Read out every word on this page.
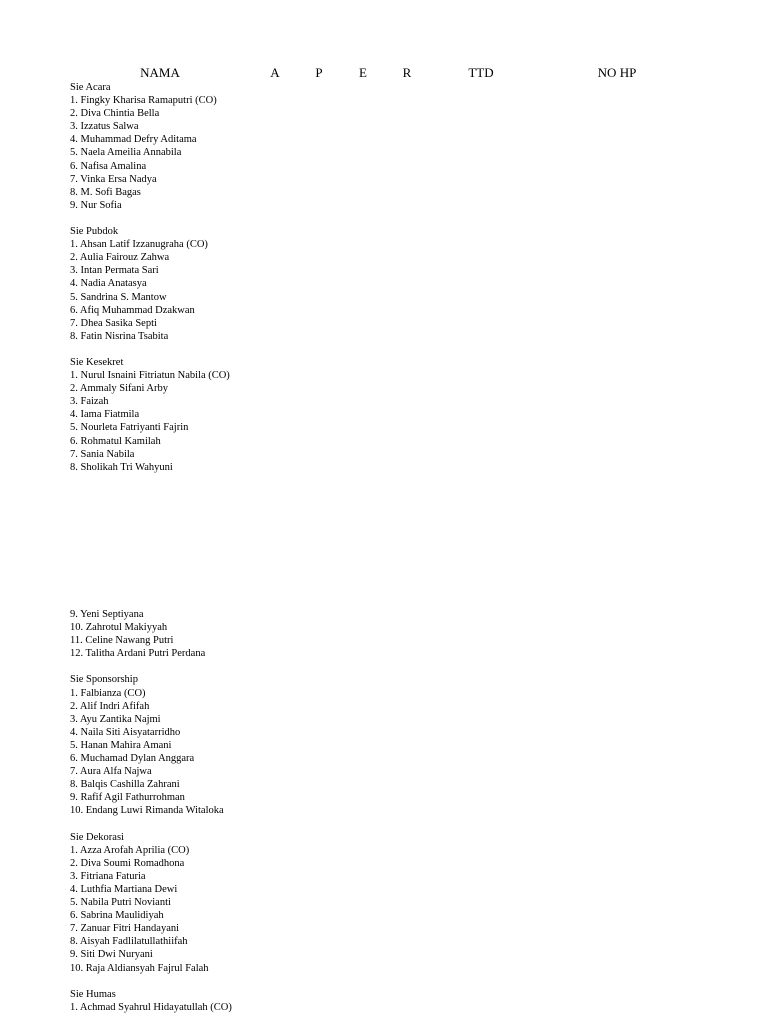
NAMA	A	P	E	R	TTD	NO HP
Sie Acara
1. Fingky Kharisa Ramaputri (CO)
2. Diva Chintia Bella
3. Izzatus Salwa
4. Muhammad Defry Aditama
5. Naela Ameilia Annabila
6. Nafisa Amalina
7. Vinka Ersa Nadya
8. M. Sofi Bagas
9. Nur Sofia
Sie Pubdok
1. Ahsan Latif Izzanugraha (CO)
2. Aulia Fairouz Zahwa
3. Intan Permata Sari
4. Nadia Anatasya
5. Sandrina S. Mantow
6. Afiq Muhammad Dzakwan
7. Dhea Sasika Septi
8. Fatin Nisrina Tsabita
Sie Kesekret
1. Nurul Isnaini Fitriatun Nabila (CO)
2. Ammaly Sifani Arby
3. Faizah
4. Iama Fiatmila
5. Nourleta Fatriyanti Fajrin
6. Rohmatul Kamilah
7. Sania Nabila
8. Sholikah Tri Wahyuni
9. Yeni Septiyana
10. Zahrotul Makiyyah
11. Celine Nawang Putri
12. Talitha Ardani Putri Perdana
Sie Sponsorship
1. Falbianza (CO)
2. Alif Indri Afifah
3. Ayu Zantika Najmi
4. Naila Siti Aisyatarridho
5. Hanan Mahira Amani
6. Muchamad Dylan Anggara
7. Aura Alfa Najwa
8. Balqis Cashilla Zahrani
9. Rafif Agil Fathurrohman
10. Endang Luwi Rimanda Witaloka
Sie Dekorasi
1. Azza Arofah Aprilia (CO)
2. Diva Soumi Romadhona
3. Fitriana Faturia
4. Luthfia Martiana Dewi
5. Nabila Putri Novianti
6. Sabrina Maulidiyah
7. Zanuar Fitri Handayani
8. Aisyah Fadlilatullathiifah
9. Siti Dwi Nuryani
10. Raja Aldiansyah Fajrul Falah
Sie Humas
1. Achmad Syahrul Hidayatullah (CO)
